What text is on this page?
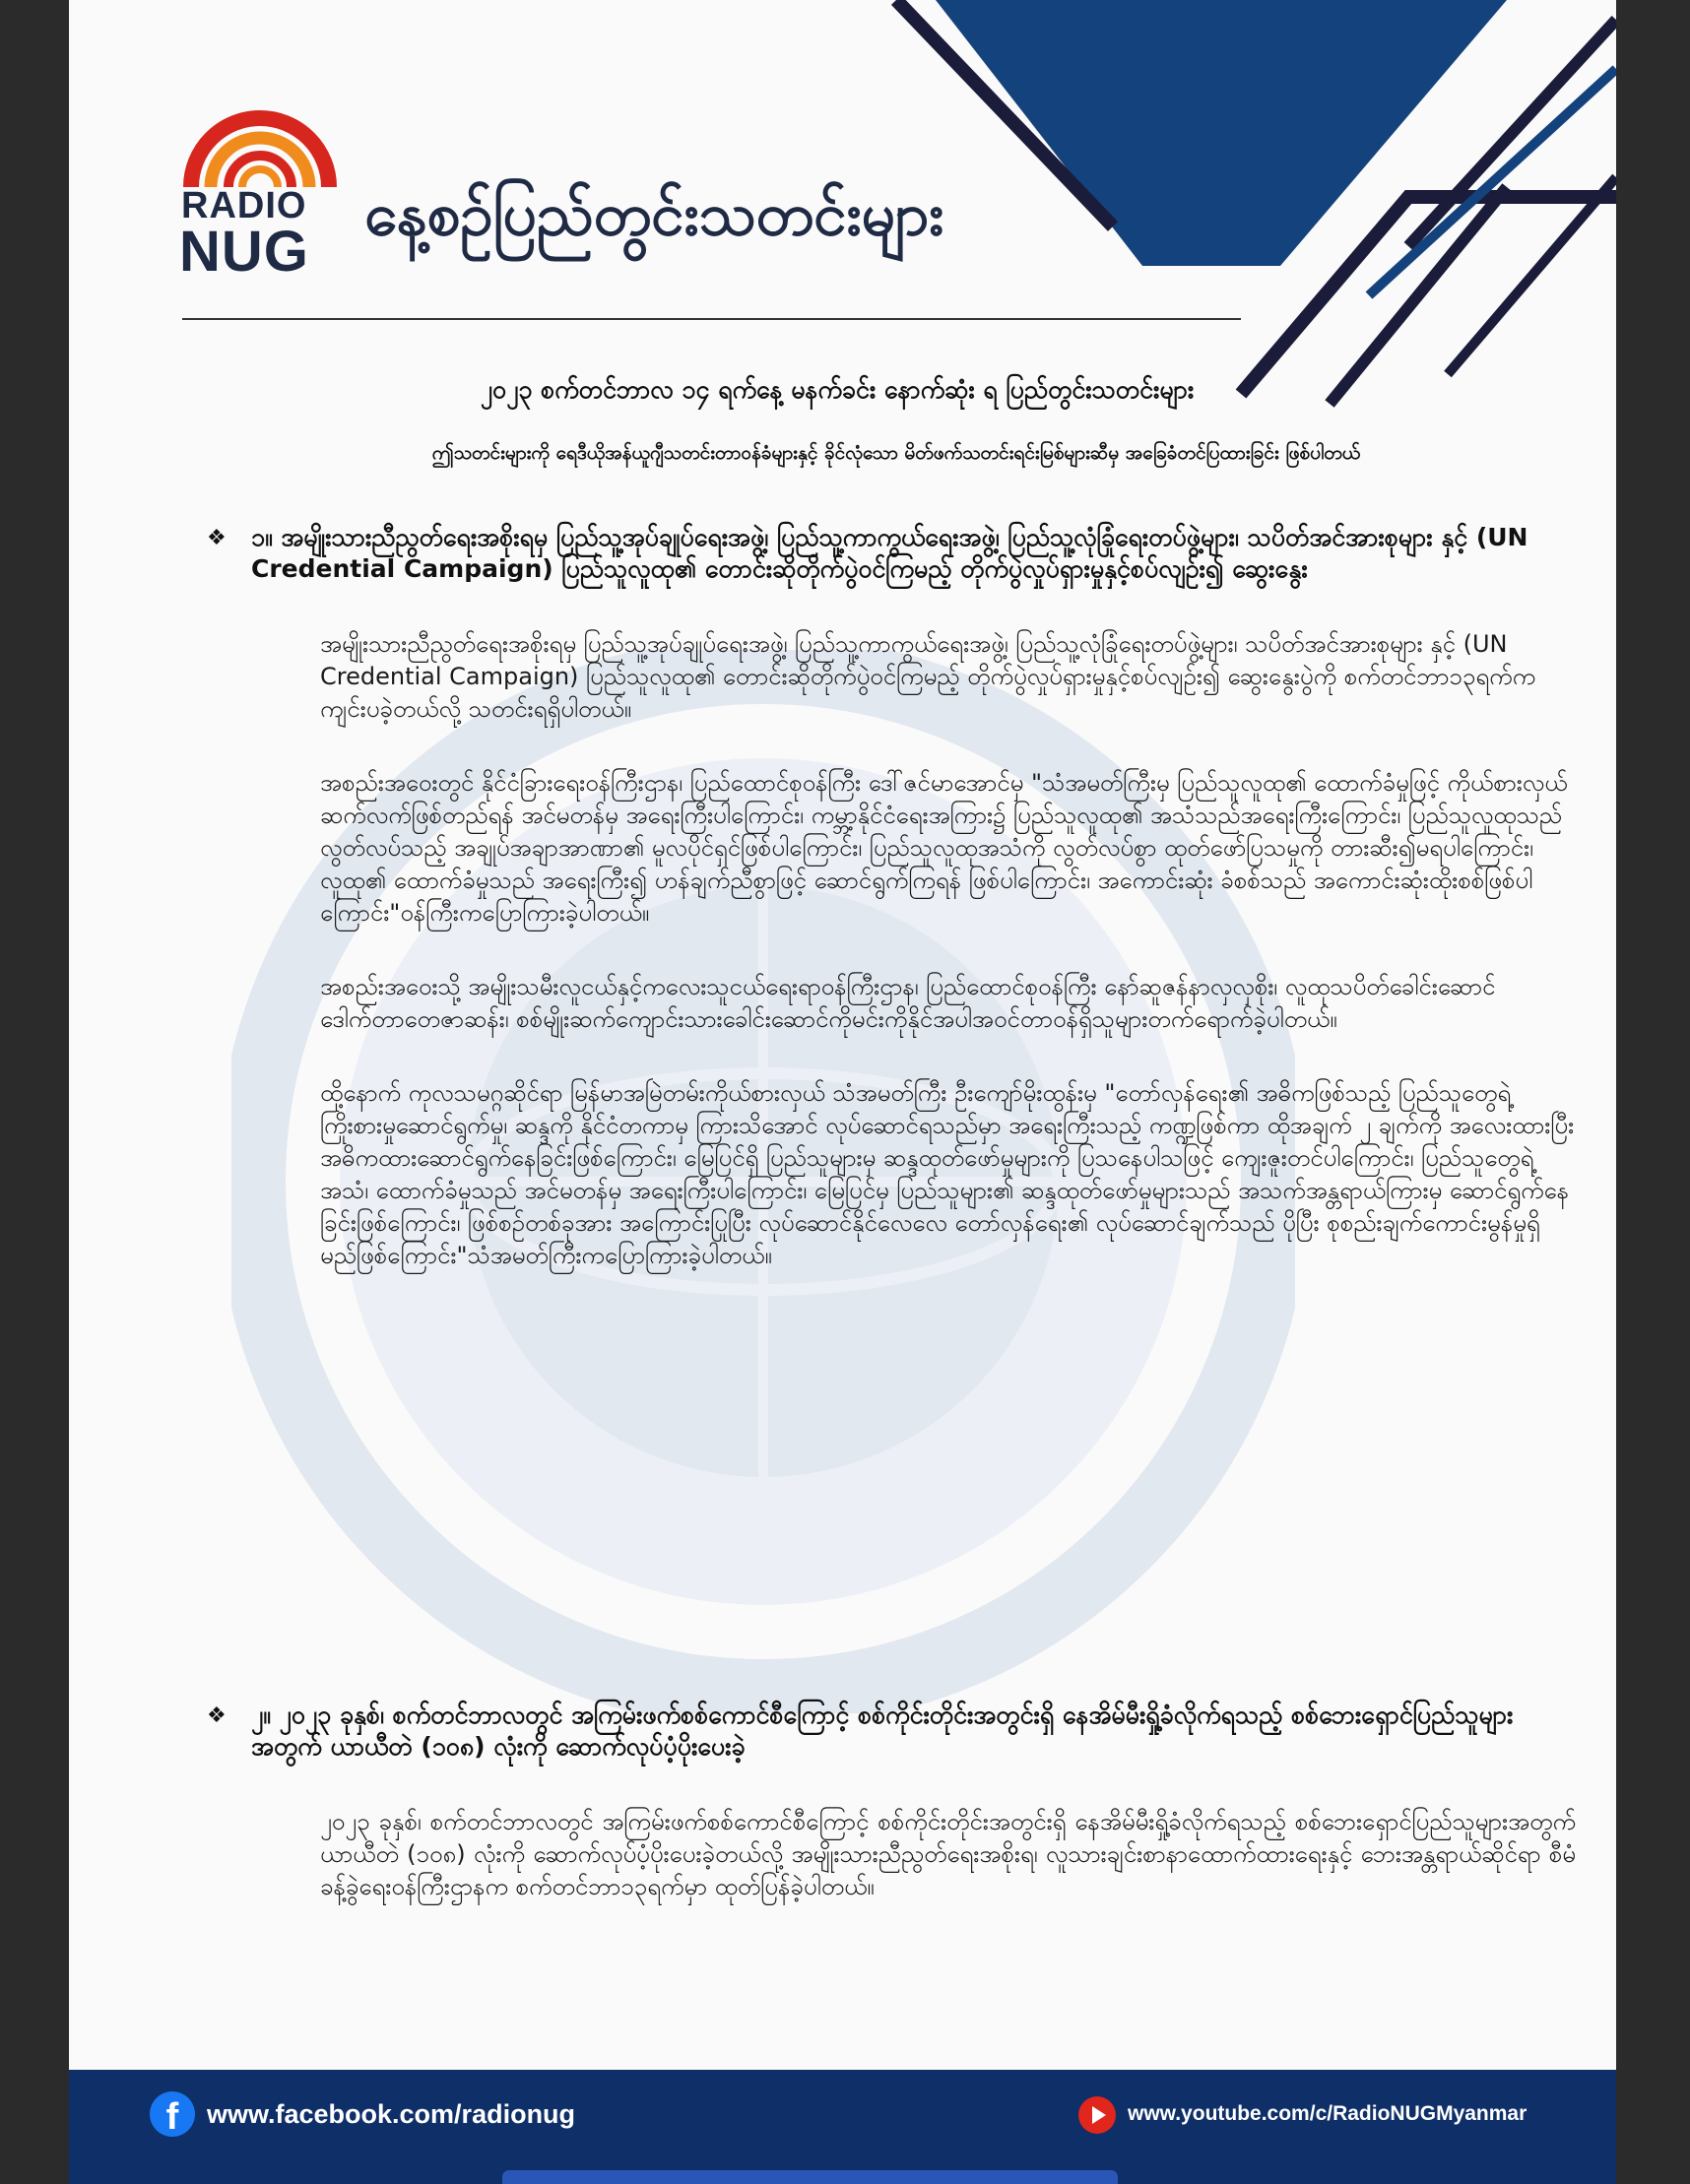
RADIO
NUG
နေ့စဉ်ပြည်တွင်းသတင်းများ
၂၀၂၃ စက်တင်ဘာလ ၁၄ ရက်နေ့ မနက်ခင်း နောက်ဆုံး ရ ပြည်တွင်းသတင်းများ
ဤသတင်းများကို ရေဒီယိုအန်ယူဂျီသတင်းတာဝန်ခံများနှင့် ခိုင်လုံသော မိတ်ဖက်သတင်းရင်းမြစ်များဆီမှ အခြေခံတင်ပြထားခြင်း ဖြစ်ပါတယ်
❖ ၁။ အမျိုးသားညီညွတ်ရေးအစိုးရမှ ပြည်သူ့အုပ်ချုပ်ရေးအဖွဲ့၊ ပြည်သူ့ကာကွယ်ရေးအဖွဲ့၊ ပြည်သူ့လုံခြုံရေးတပ်ဖွဲ့များ၊ သပိတ်အင်အားစုများ နှင့် (UN Credential Campaign) ပြည်သူလူထု၏ တောင်းဆိုတိုက်ပွဲဝင်ကြမည့် တိုက်ပွဲလှုပ်ရှားမှုနှင့်စပ်လျဉ်း၍ ဆွေးနွေး
အမျိုးသားညီညွတ်ရေးအစိုးရမှ ပြည်သူ့အုပ်ချုပ်ရေးအဖွဲ့၊ ပြည်သူ့ကာကွယ်ရေးအဖွဲ့၊ ပြည်သူ့လုံခြုံရေးတပ်ဖွဲ့များ၊ သပိတ်အင်အားစုများ နှင့် (UN Credential Campaign) ပြည်သူလူထု၏ တောင်းဆိုတိုက်ပွဲဝင်ကြမည့် တိုက်ပွဲလှုပ်ရှားမှုနှင့်စပ်လျဉ်း၍ ဆွေးနွေးပွဲကို စက်တင်ဘာ၁၃ရက်က ကျင်းပခဲ့တယ်လို့ သတင်းရရှိပါတယ်။
အစည်းအဝေးတွင် နိုင်ငံခြားရေးဝန်ကြီးဌာန၊ ပြည်ထောင်စုဝန်ကြီး ဒေါ်ဇင်မာအောင်မှ "သံအမတ်ကြီးမှ ပြည်သူလူထု၏ ထောက်ခံမှုဖြင့် ကိုယ်စားလှယ် ဆက်လက်ဖြစ်တည်ရန် အင်မတန်မှ အရေးကြီးပါကြောင်း၊ ကမ္ဘာ့နိုင်ငံရေးအကြား၌ ပြည်သူလူထု၏ အသံသည်အရေးကြီးကြောင်း၊ ပြည်သူလူထုသည် လွတ်လပ်သည့် အချုပ်အချာအာဏာ၏ မူလပိုင်ရှင်ဖြစ်ပါကြောင်း၊ ပြည်သူလူထုအသံကို လွတ်လပ်စွာ ထုတ်ဖော်ပြသမှုကို တားဆီး၍မရပါကြောင်း၊ လူထု၏ ထောက်ခံမှုသည် အရေးကြီး၍ ဟန်ချက်ညီစွာဖြင့် ဆောင်ရွက်ကြရန် ဖြစ်ပါကြောင်း၊ အကောင်းဆုံး ခံစစ်သည် အကောင်းဆုံးထိုးစစ်ဖြစ်ပါကြောင်း"ဝန်ကြီးကပြောကြားခဲ့ပါတယ်။
အစည်းအဝေးသို့ အမျိုးသမီးလူငယ်နှင့်ကလေးသူငယ်ရေးရာဝန်ကြီးဌာန၊ ပြည်ထောင်စုဝန်ကြီး နော်ဆူဇန်နာလှလှစိုး၊ လူထုသပိတ်ခေါင်းဆောင် ဒေါက်တာတေဇာဆန်း၊ စစ်မျိုးဆက်ကျောင်းသားခေါင်းဆောင်ကိုမင်းကိုနိုင်အပါအဝင်တာဝန်ရှိသူများတက်ရောက်ခဲ့ပါတယ်။
ထို့နောက် ကုလသမဂ္ဂဆိုင်ရာ မြန်မာအမြဲတမ်းကိုယ်စားလှယ် သံအမတ်ကြီး ဦးကျော်မိုးထွန်းမှ "တော်လှန်ရေး၏ အဓိကဖြစ်သည့် ပြည်သူတွေရဲ့ ကြိုးစားမှုဆောင်ရွက်မှု၊ ဆန္ဒကို နိုင်ငံတကာမှ ကြားသိအောင် လုပ်ဆောင်ရသည်မှာ အရေးကြီးသည့် ကဏ္ဍဖြစ်ကာ ထိုအချက် ၂ ချက်ကို အလေးထားပြီး အဓိကထားဆောင်ရွက်နေခြင်းဖြစ်ကြောင်း၊ မြေပြင်ရှိ ပြည်သူများမှ ဆန္ဒထုတ်ဖော်မှုများကို ပြသနေပါသဖြင့် ကျေးဇူးတင်ပါကြောင်း၊ ပြည်သူတွေရဲ့ အသံ၊ ထောက်ခံမှုသည် အင်မတန်မှ အရေးကြီးပါကြောင်း၊ မြေပြင်မှ ပြည်သူများ၏ ဆန္ဒထုတ်ဖော်မှုများသည် အသက်အန္တရာယ်ကြားမှ ဆောင်ရွက်နေခြင်းဖြစ်ကြောင်း၊ ဖြစ်စဉ်တစ်ခုအား အကြောင်းပြုပြီး လုပ်ဆောင်နိုင်လေလေ တော်လှန်ရေး၏ လုပ်ဆောင်ချက်သည် ပိုပြီး စုစည်းချက်ကောင်းမွန်မှုရှိမည်ဖြစ်ကြောင်း"သံအမတ်ကြီးကပြောကြားခဲ့ပါတယ်။
❖ ၂။ ၂၀၂၃ ခုနှစ်၊ စက်တင်ဘာလတွင် အကြမ်းဖက်စစ်ကောင်စီကြောင့် စစ်ကိုင်းတိုင်းအတွင်းရှိ နေအိမ်မီးရှို့ခံလိုက်ရသည့် စစ်ဘေးရှောင်ပြည်သူများအတွက် ယာယီတဲ (၁၀၈) လုံးကို ဆောက်လုပ်ပံ့ပိုးပေးခဲ့
၂၀၂၃ ခုနှစ်၊ စက်တင်ဘာလတွင် အကြမ်းဖက်စစ်ကောင်စီကြောင့် စစ်ကိုင်းတိုင်းအတွင်းရှိ နေအိမ်မီးရှို့ခံလိုက်ရသည့် စစ်ဘေးရှောင်ပြည်သူများအတွက် ယာယီတဲ (၁၀၈) လုံးကို ဆောက်လုပ်ပံ့ပိုးပေးခဲ့တယ်လို့ အမျိုးသားညီညွတ်ရေးအစိုးရ၊ လူသားချင်းစာနာထောက်ထားရေးနှင့် ဘေးအန္တရာယ်ဆိုင်ရာ စီမံခန့်ခွဲရေးဝန်ကြီးဌာနက စက်တင်ဘာ၁၃ရက်မှာ ထုတ်ပြန်ခဲ့ပါတယ်။
f	www.facebook.com/radionug	www.youtube.com/c/RadioNUGMyanmar
